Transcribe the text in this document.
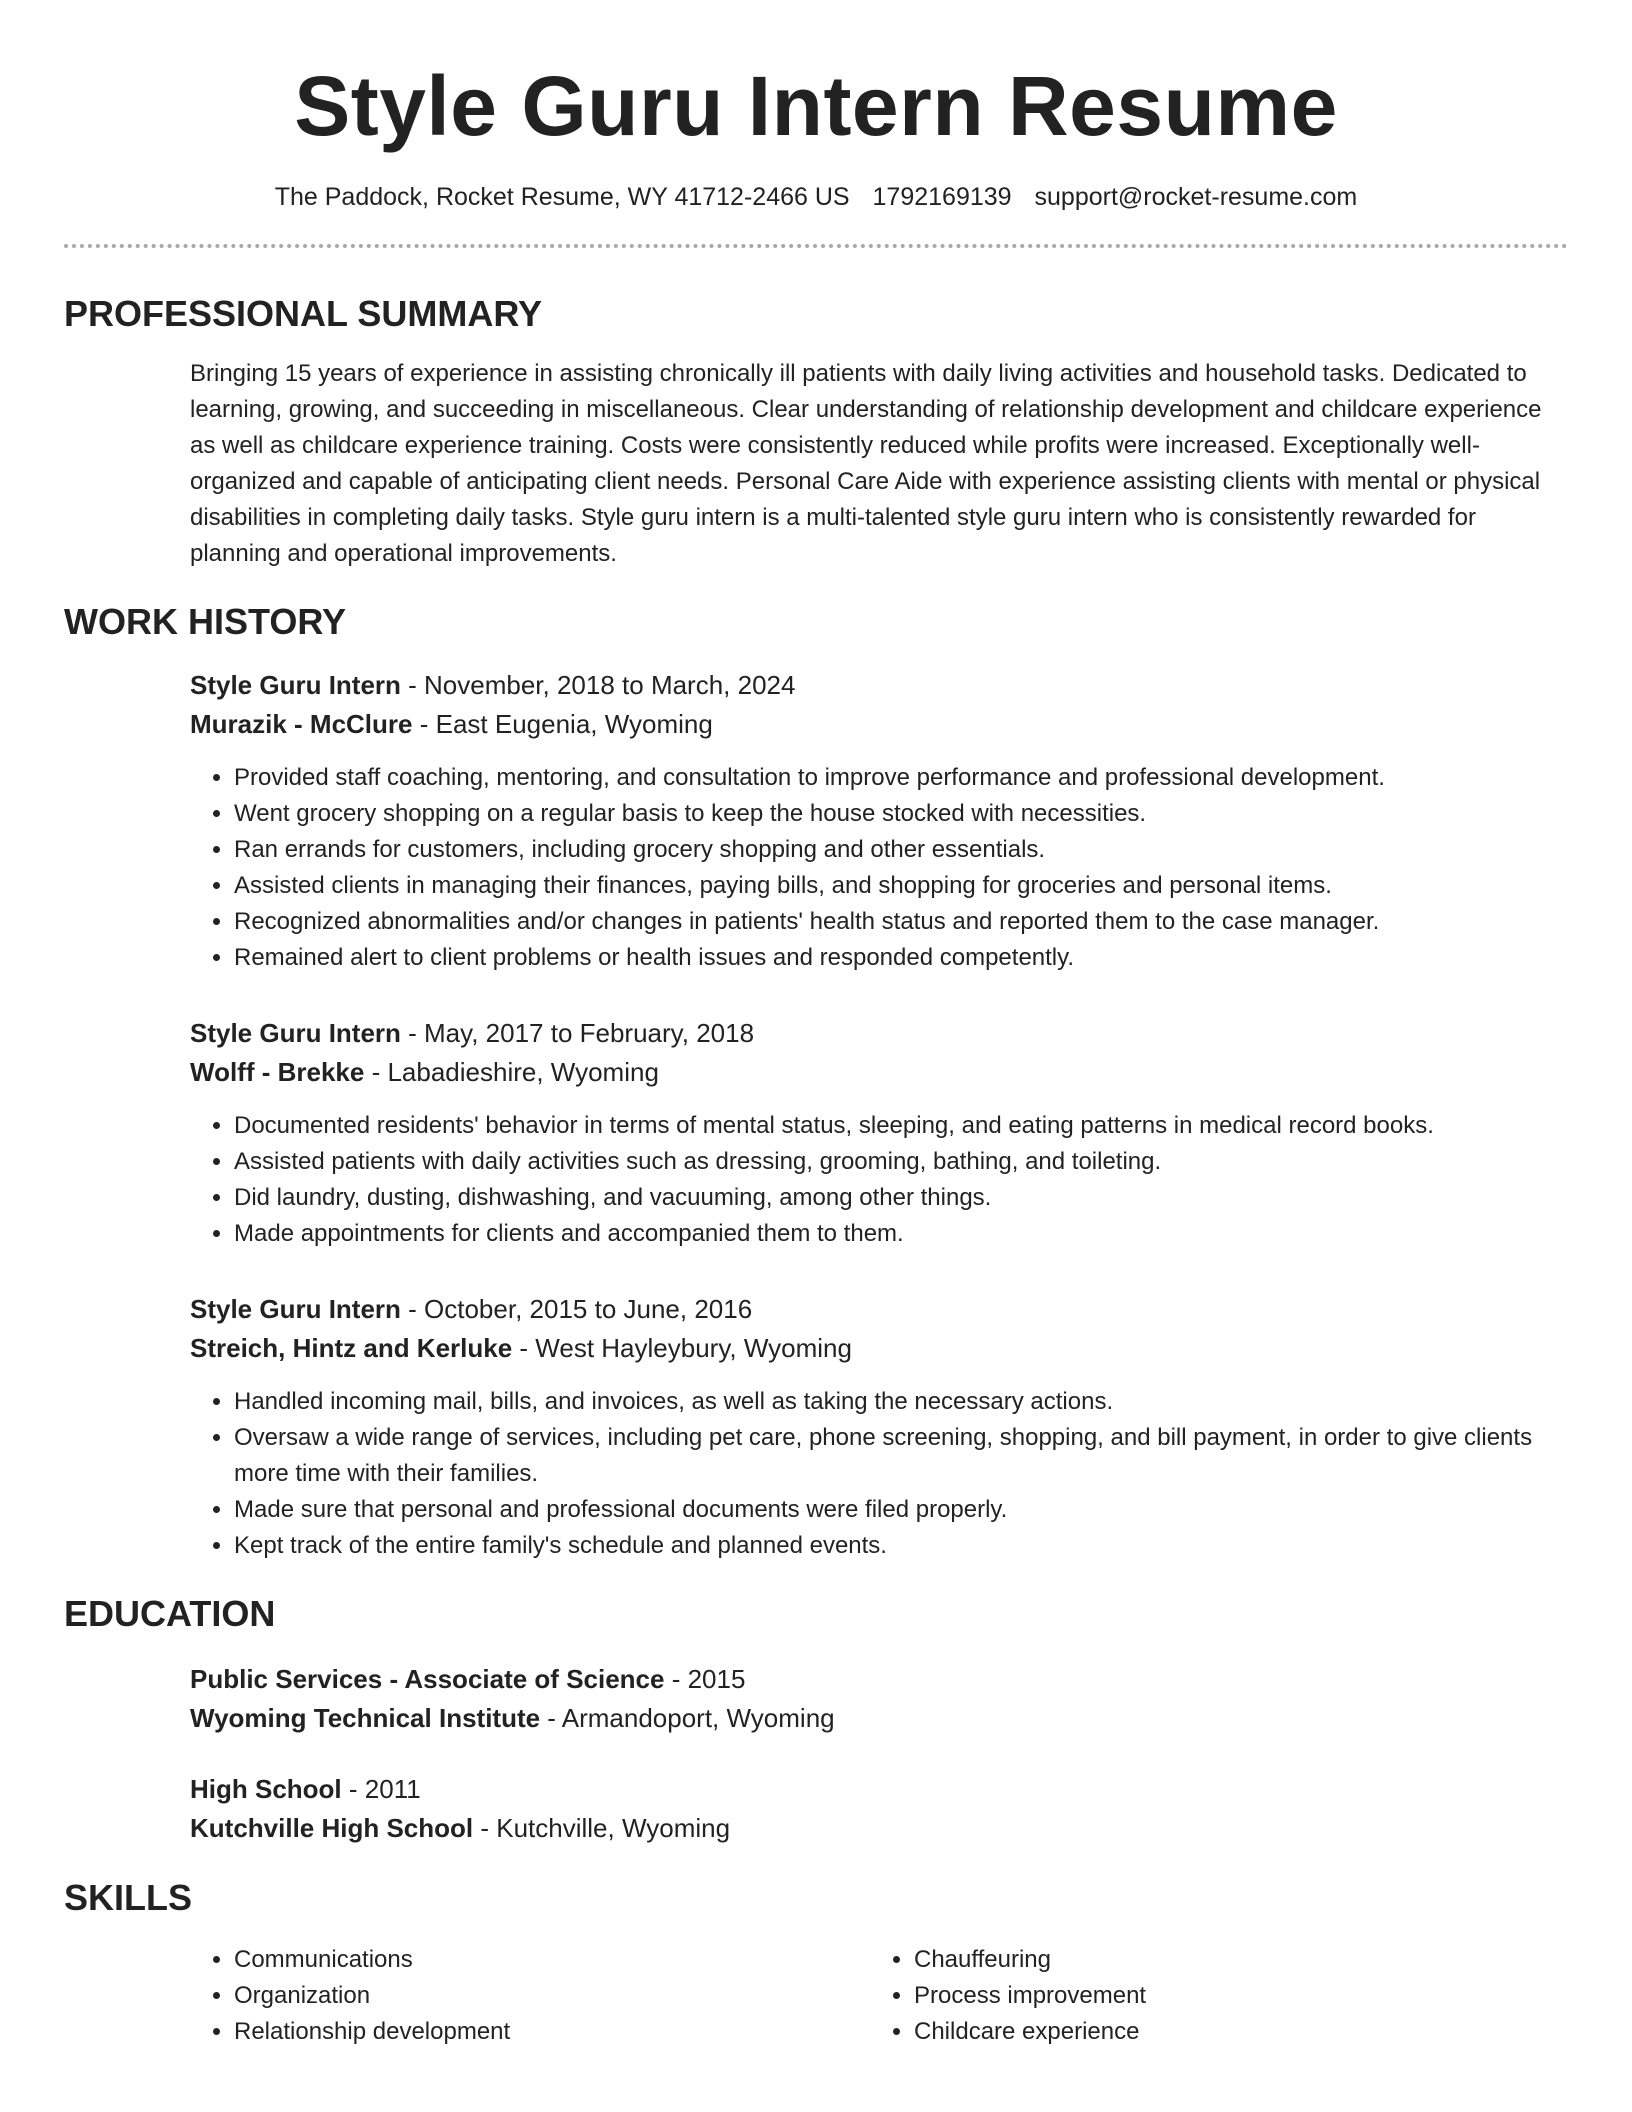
Style Guru Intern Resume
The Paddock, Rocket Resume, WY 41712-2466 US 1792169139 support@rocket-resume.com
PROFESSIONAL SUMMARY

Bringing 15 years of experience in assisting chronically ill patients with daily living activities and household tasks. Dedicated to learning, growing, and succeeding in miscellaneous. Clear understanding of relationship development and childcare experience as well as childcare experience training. Costs were consistently reduced while profits were increased. Exceptionally well-organized and capable of anticipating client needs. Personal Care Aide with experience assisting clients with mental or physical disabilities in completing daily tasks. Style guru intern is a multi-talented style guru intern who is consistently rewarded for planning and operational improvements.

WORK HISTORY
Style Guru Intern - November, 2018 to March, 2024
Murazik - McClure - East Eugenia, Wyoming
• Provided staff coaching, mentoring, and consultation to improve performance and professional development.
• Went grocery shopping on a regular basis to keep the house stocked with necessities.
• Ran errands for customers, including grocery shopping and other essentials.
• Assisted clients in managing their finances, paying bills, and shopping for groceries and personal items.
• Recognized abnormalities and/or changes in patients' health status and reported them to the case manager.
• Remained alert to client problems or health issues and responded competently.
Style Guru Intern - May, 2017 to February, 2018
Wolff - Brekke - Labadieshire, Wyoming
• Documented residents' behavior in terms of mental status, sleeping, and eating patterns in medical record books.
• Assisted patients with daily activities such as dressing, grooming, bathing, and toileting.
• Did laundry, dusting, dishwashing, and vacuuming, among other things.
• Made appointments for clients and accompanied them to them.
Style Guru Intern - October, 2015 to June, 2016
Streich, Hintz and Kerluke - West Hayleybury, Wyoming
• Handled incoming mail, bills, and invoices, as well as taking the necessary actions.
• Oversaw a wide range of services, including pet care, phone screening, shopping, and bill payment, in order to give clients more time with their families.
• Made sure that personal and professional documents were filed properly.
• Kept track of the entire family's schedule and planned events.
EDUCATION
Public Services - Associate of Science - 2015
Wyoming Technical Institute - Armandoport, Wyoming
High School - 2011
Kutchville High School - Kutchville, Wyoming
SKILLS
• Communications
• Organization
• Relationship development
• Chauffeuring
• Process improvement
• Childcare experience
